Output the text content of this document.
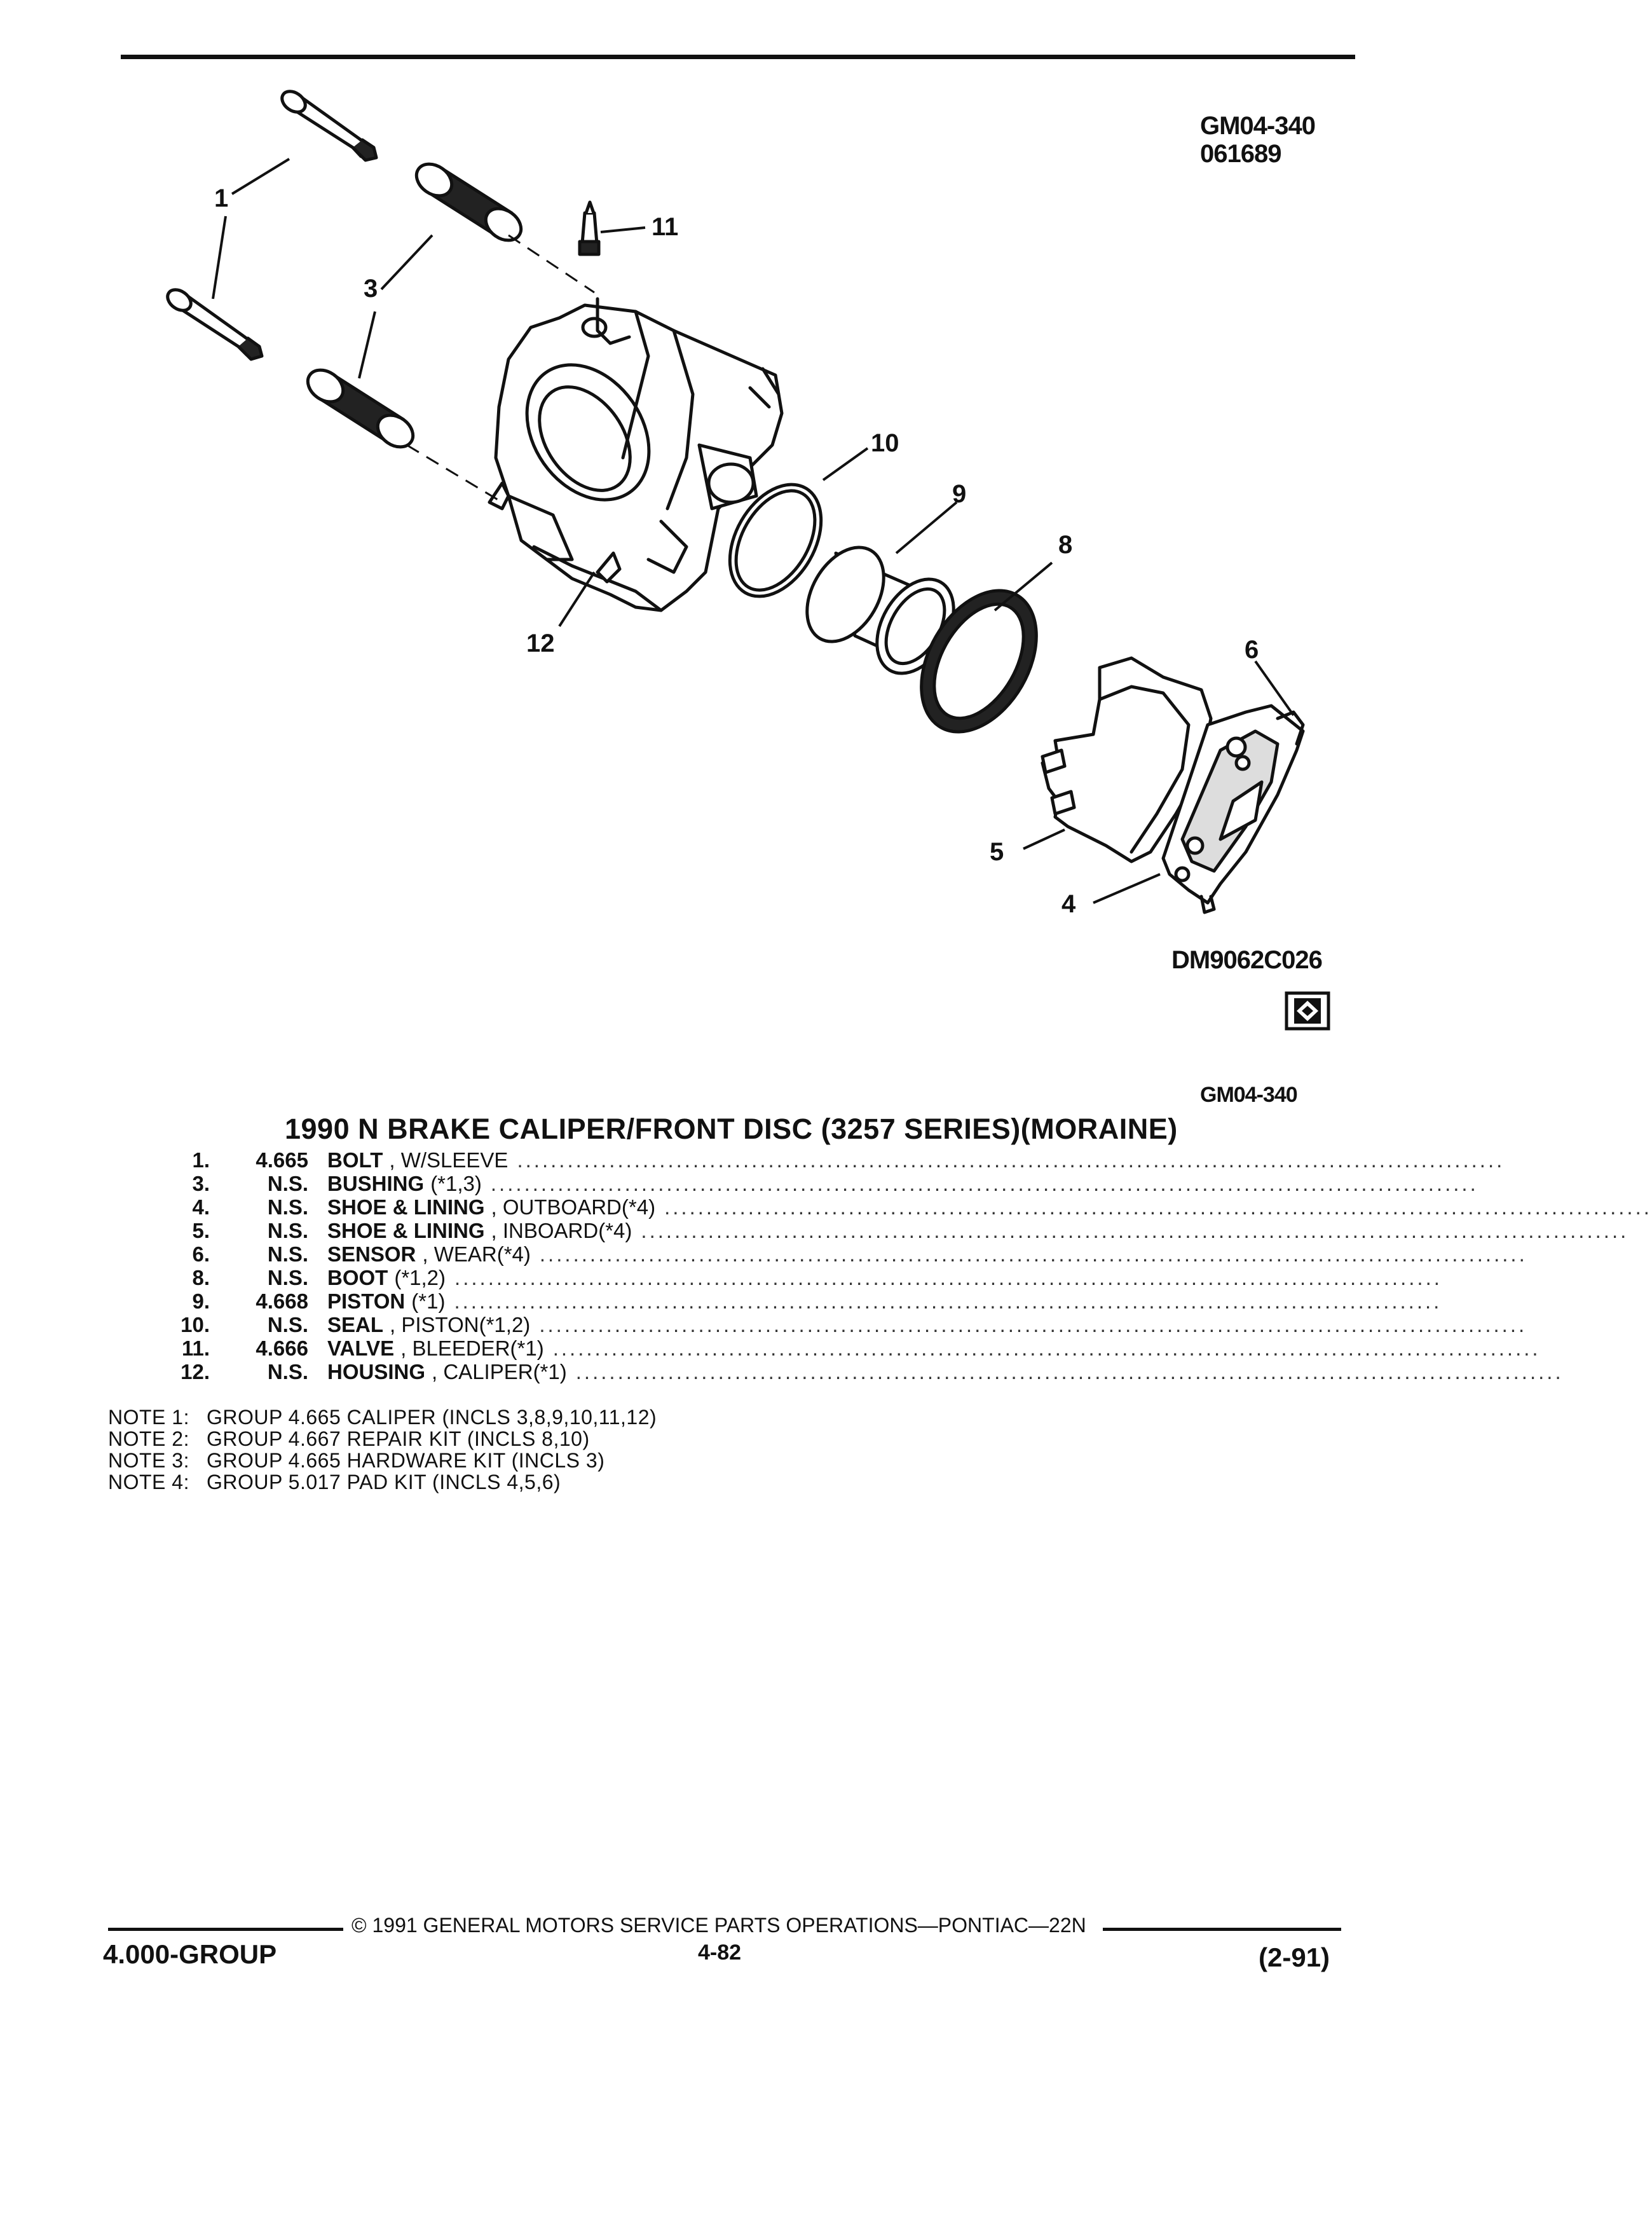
GM04-340
061689
1
3
11
10
9
8
12	6
5
4
DM9062C026
GM04-340
1990 N BRAKE CALIPER/FRONT DISC (3257 SERIES)(MORAINE)
1.	4.665 BOLT , W/SLEEVE ......................................................................................................................
3.	N.S. BUSHING (*1,3) ......................................................................................................................
4.	N.S. SHOE & LINING , OUTBOARD(*4) ......................................................................................................................
5.	N.S. SHOE & LINING , INBOARD(*4) ......................................................................................................................
6.	N.S. SENSOR , WEAR(*4) ......................................................................................................................
8.	N.S. BOOT (*1,2) ......................................................................................................................
9.	4.668 PISTON (*1) ......................................................................................................................
10.	N.S. SEAL , PISTON(*1,2) ......................................................................................................................
11.	4.666 VALVE , BLEEDER(*1) ......................................................................................................................
12.	N.S. HOUSING , CALIPER(*1) ......................................................................................................................
NOTE 1: GROUP 4.665 CALIPER (INCLS 3,8,9,10,11,12)
NOTE 2: GROUP 4.667 REPAIR KIT (INCLS 8,10)
NOTE 3: GROUP 4.665 HARDWARE KIT (INCLS 3)
NOTE 4: GROUP 5.017 PAD KIT (INCLS 4,5,6)
© 1991 GENERAL MOTORS SERVICE PARTS OPERATIONS—PONTIAC—22N
4.000-GROUP	4-82	(2-91)
